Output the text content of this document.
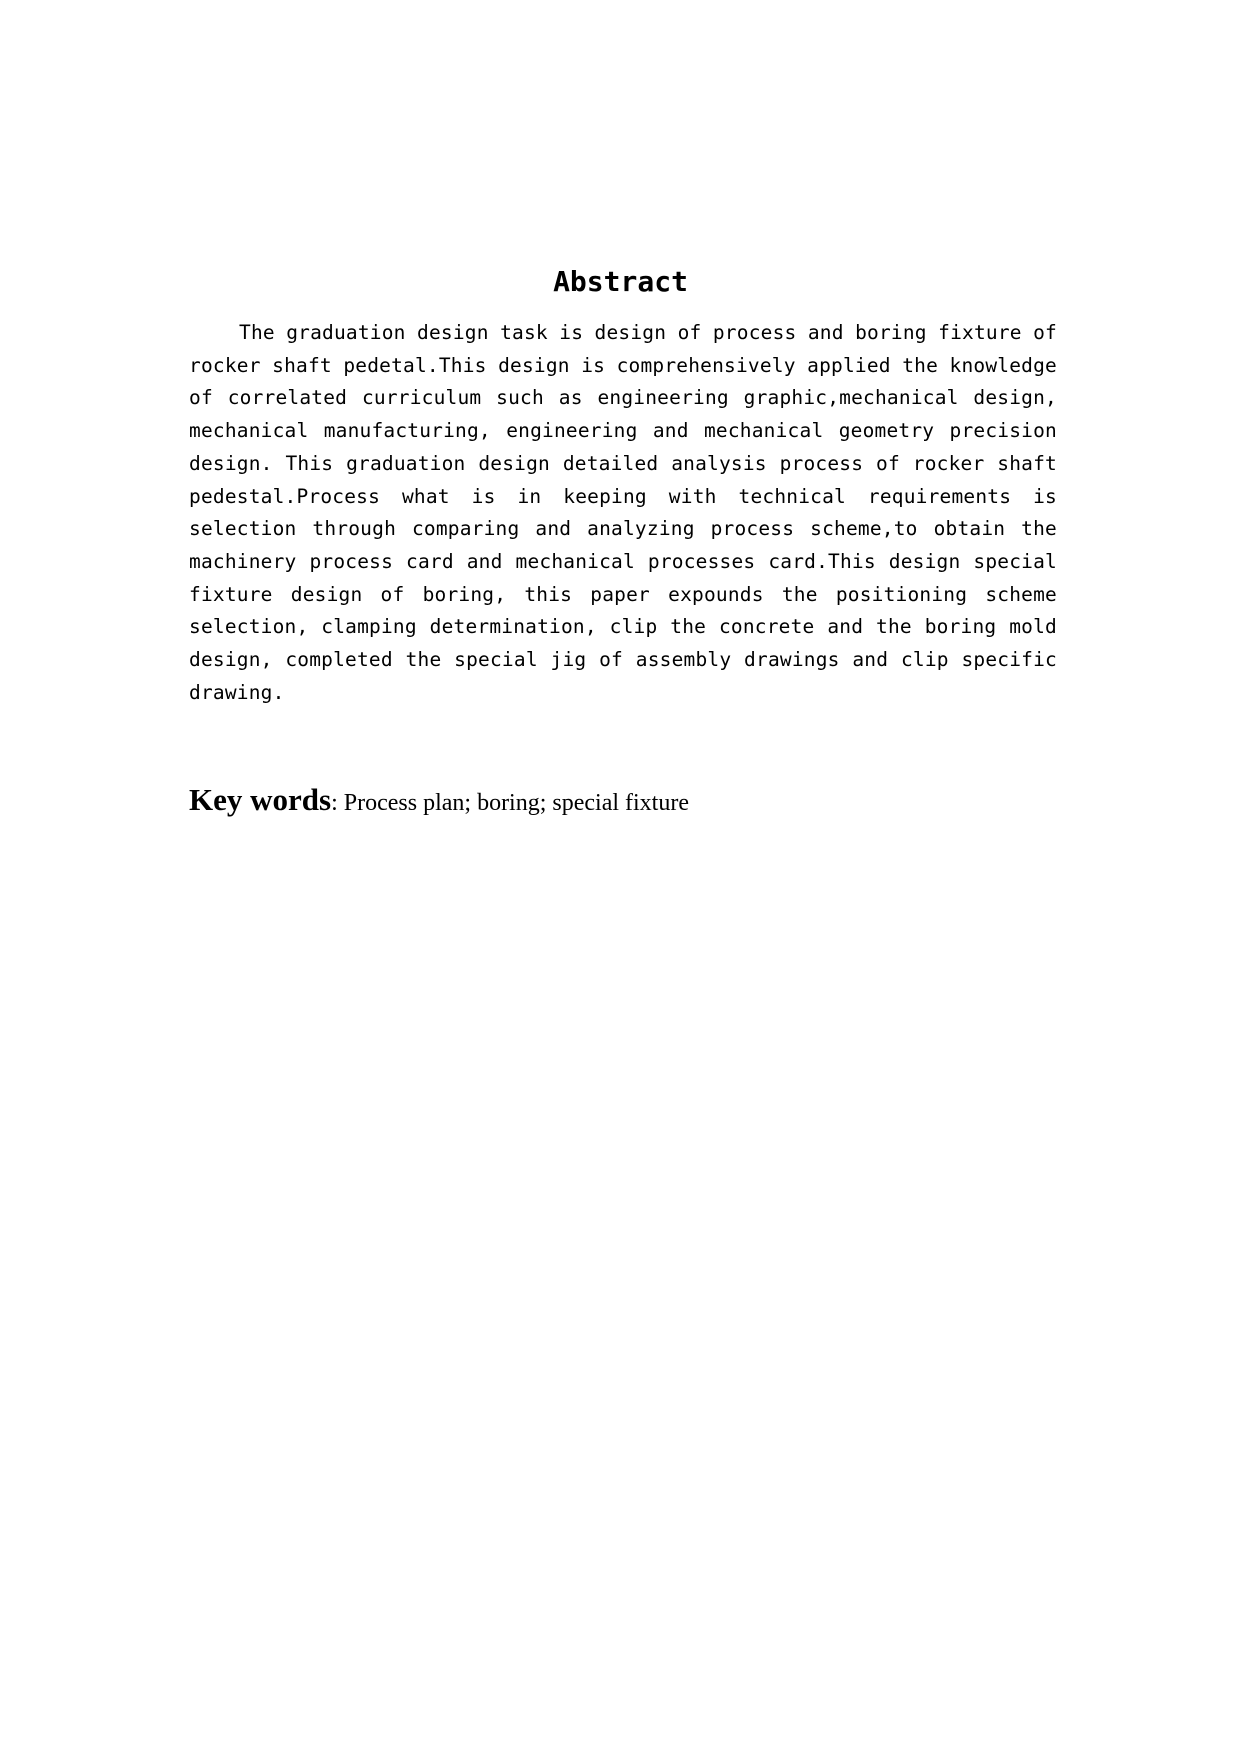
Abstract

The graduation design task is design of process and boring fixture of rocker shaft pedetal.This design is comprehensively applied the knowledge of correlated curriculum such as engineering graphic,mechanical design, mechanical manufacturing, engineering and mechanical geometry precision design. This graduation design detailed analysis process of rocker shaft pedestal.Process what is in keeping with technical requirements is selection through comparing and analyzing process scheme,to obtain the machinery process card and mechanical processes card.This design special fixture design of boring, this paper expounds the positioning scheme selection, clamping determination, clip the concrete and the boring mold design, completed the special jig of assembly drawings and clip specific drawing.

Key words: Process plan; boring; special fixture
